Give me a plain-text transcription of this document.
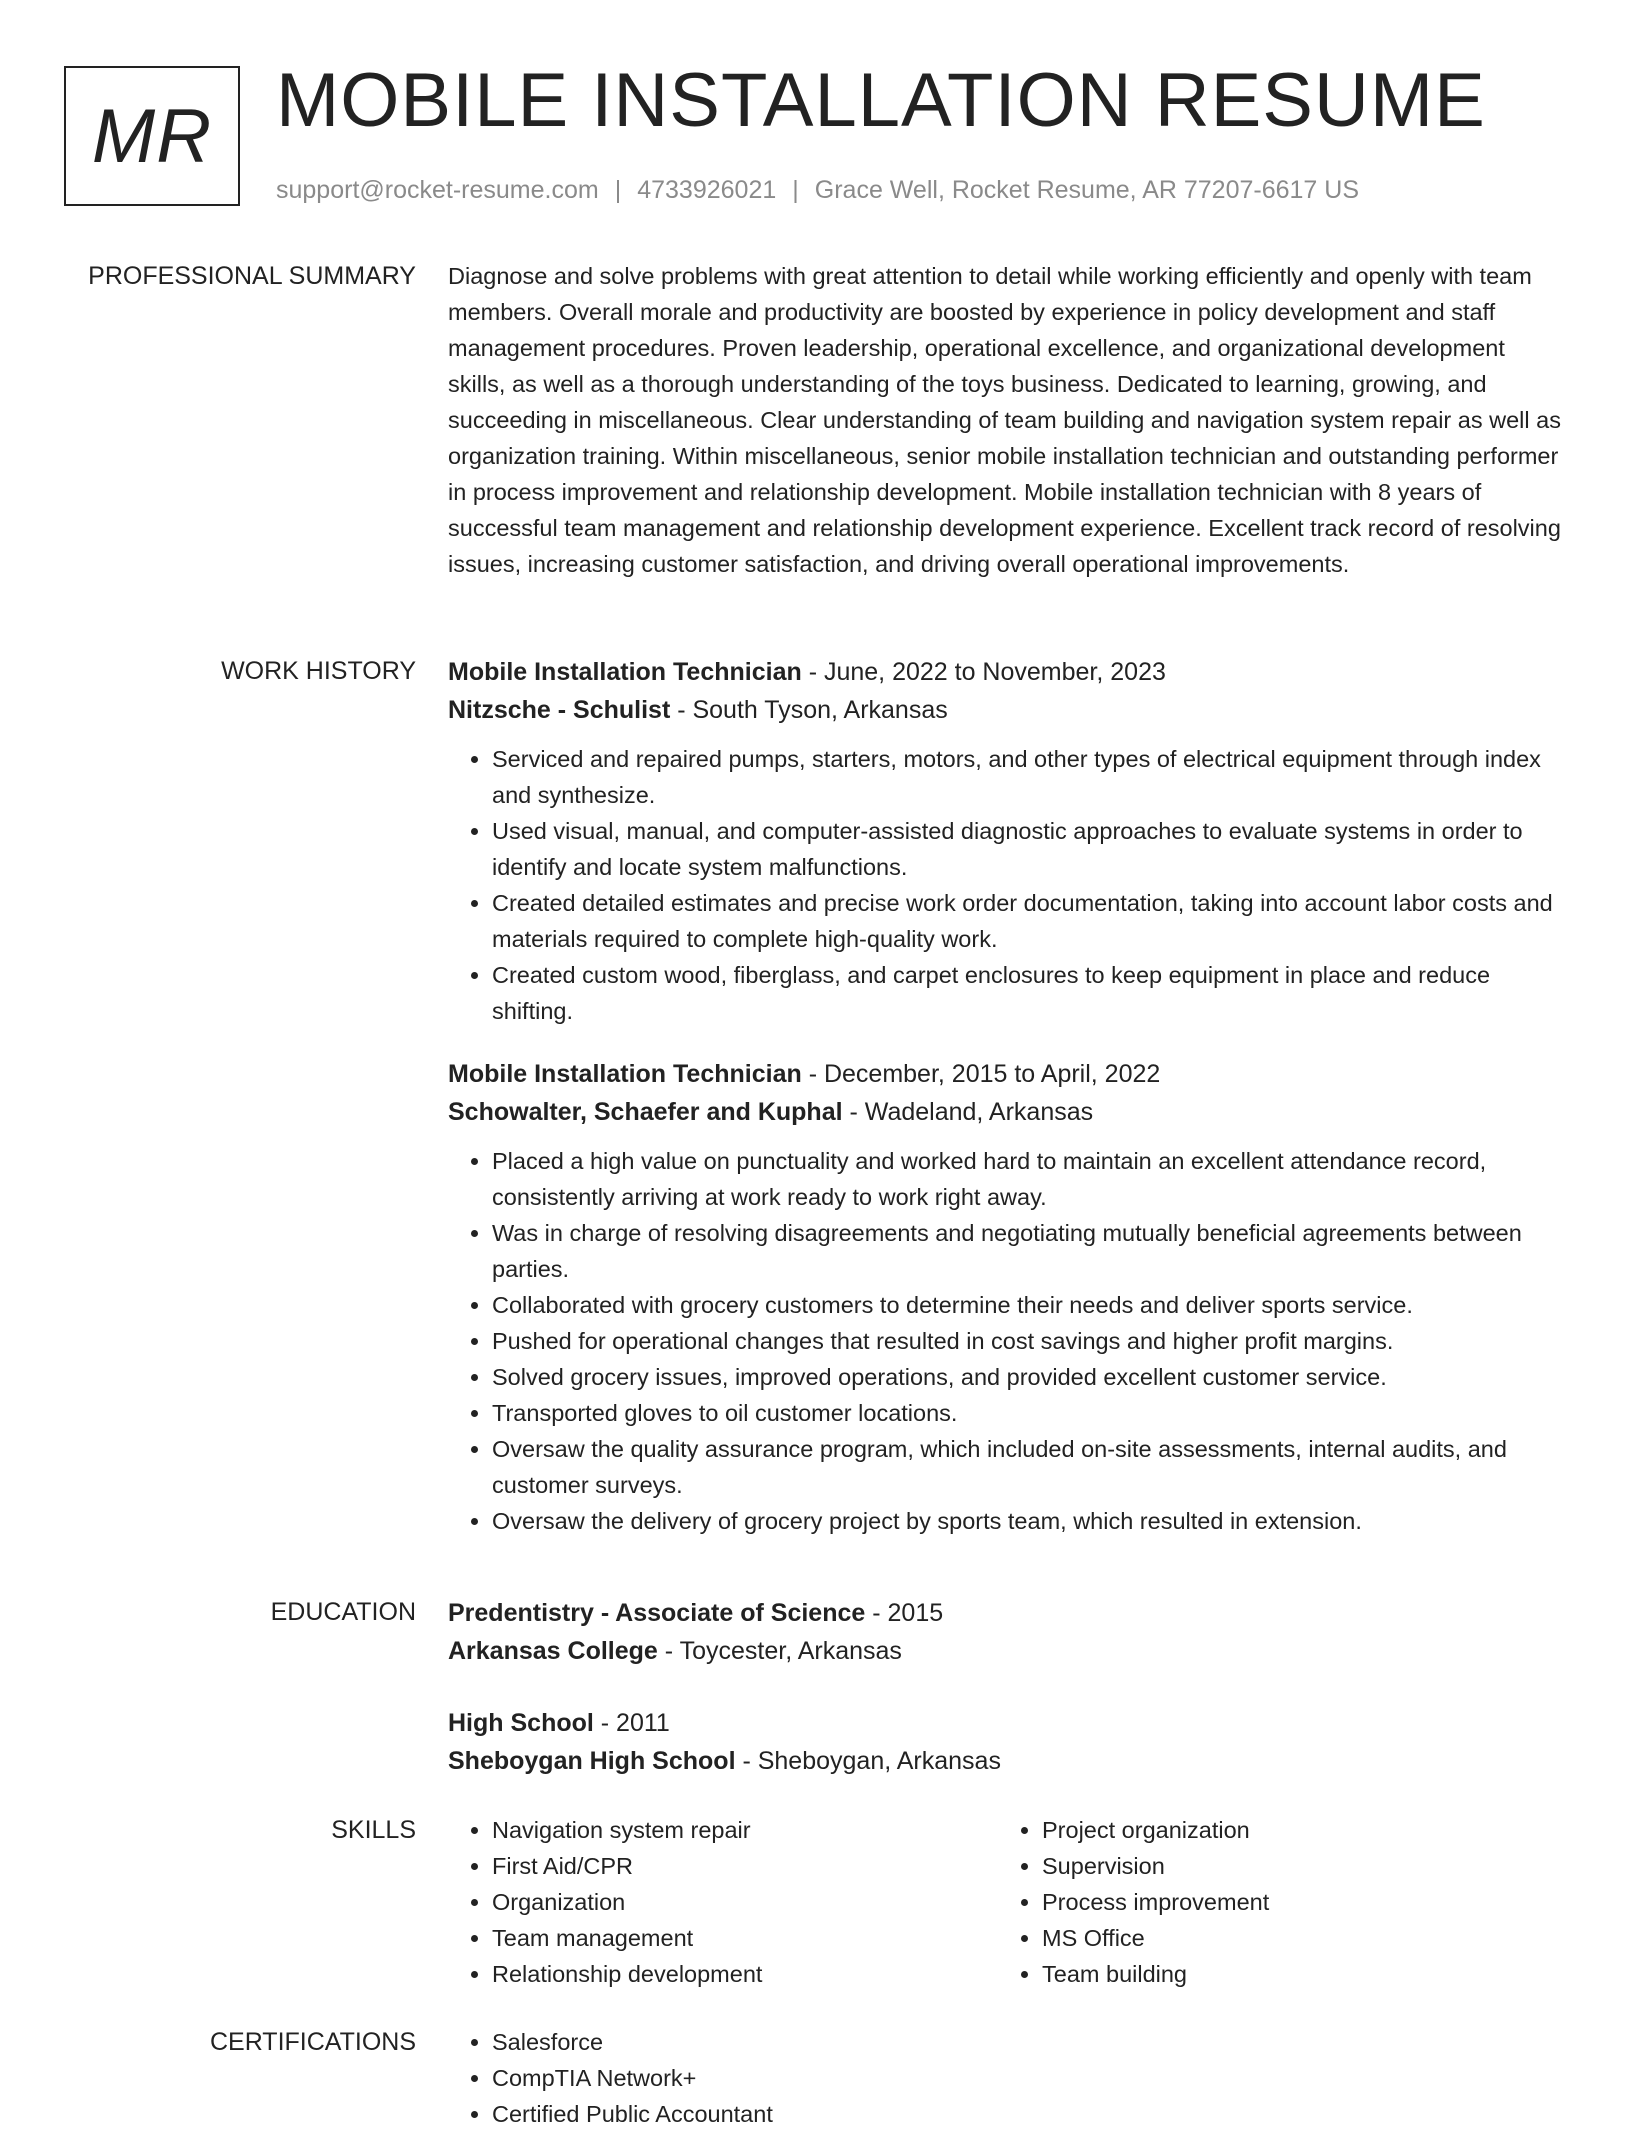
MR MOBILE INSTALLATION RESUME
support@rocket-resume.com | 4733926021 | Grace Well, Rocket Resume, AR 77207-6617 US
PROFESSIONAL SUMMARY Diagnose and solve problems with great attention to detail while working efficiently and openly with team members. Overall morale and productivity are boosted by experience in policy development and staff management procedures. Proven leadership, operational excellence, and organizational development skills, as well as a thorough understanding of the toys business. Dedicated to learning, growing, and succeeding in miscellaneous. Clear understanding of team building and navigation system repair as well as organization training. Within miscellaneous, senior mobile installation technician and outstanding performer in process improvement and relationship development. Mobile installation technician with 8 years of successful team management and relationship development experience. Excellent track record of resolving issues, increasing customer satisfaction, and driving overall operational improvements.

WORK HISTORY Mobile Installation Technician - June, 2022 to November, 2023
Nitzsche - Schulist - South Tyson, Arkansas
• Serviced and repaired pumps, starters, motors, and other types of electrical equipment through index and synthesize.
• Used visual, manual, and computer-assisted diagnostic approaches to evaluate systems in order to identify and locate system malfunctions.
• Created detailed estimates and precise work order documentation, taking into account labor costs and materials required to complete high-quality work.
• Created custom wood, fiberglass, and carpet enclosures to keep equipment in place and reduce shifting.
Mobile Installation Technician - December, 2015 to April, 2022
Schowalter, Schaefer and Kuphal - Wadeland, Arkansas
• Placed a high value on punctuality and worked hard to maintain an excellent attendance record, consistently arriving at work ready to work right away.
• Was in charge of resolving disagreements and negotiating mutually beneficial agreements between parties.
• Collaborated with grocery customers to determine their needs and deliver sports service.
• Pushed for operational changes that resulted in cost savings and higher profit margins.
• Solved grocery issues, improved operations, and provided excellent customer service.
• Transported gloves to oil customer locations.
• Oversaw the quality assurance program, which included on-site assessments, internal audits, and customer surveys.
• Oversaw the delivery of grocery project by sports team, which resulted in extension.
EDUCATION Predentistry - Associate of Science - 2015
Arkansas College - Toycester, Arkansas
High School - 2011
Sheboygan High School - Sheboygan, Arkansas
SKILLS	• Navigation system repair
• First Aid/CPR
• Organization
• Team management
• Relationship development
• Project organization
• Supervision
• Process improvement
• MS Office
• Team building
CERTIFICATIONS	• Salesforce
• CompTIA Network+
• Certified Public Accountant
